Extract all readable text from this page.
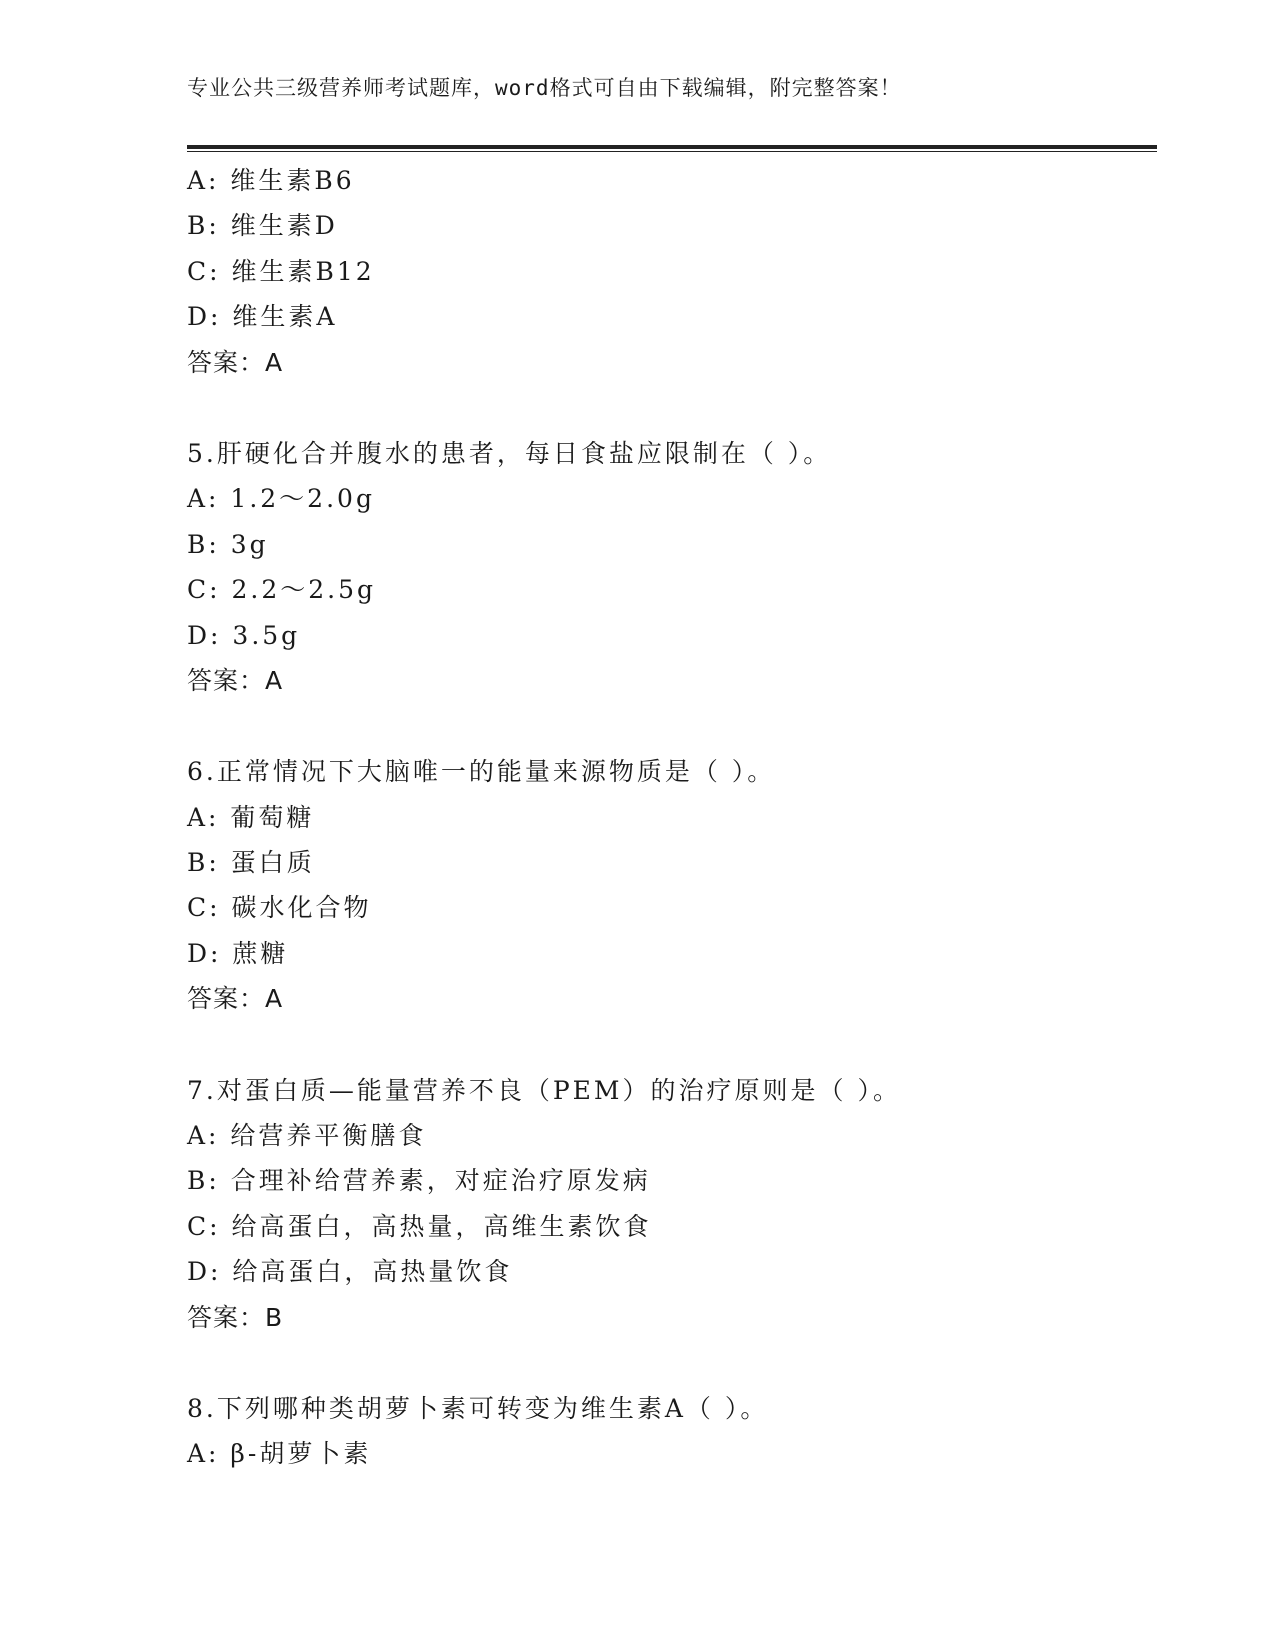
专业公共三级营养师考试题库，word格式可自由下载编辑，附完整答案！
A: 维生素B6
B: 维生素D
C: 维生素B12
D: 维生素A
答案：A
5.肝硬化合并腹水的患者，每日食盐应限制在（ ）。
A: 1.2～2.0g
B: 3g
C: 2.2～2.5g
D: 3.5g
答案：A
6.正常情况下大脑唯一的能量来源物质是（ ）。
A: 葡萄糖
B: 蛋白质
C: 碳水化合物
D: 蔗糖
答案：A
7.对蛋白质—能量营养不良（PEM）的治疗原则是（ ）。
A: 给营养平衡膳食
B: 合理补给营养素，对症治疗原发病
C: 给高蛋白，高热量，高维生素饮食
D: 给高蛋白，高热量饮食
答案：B
8.下列哪种类胡萝卜素可转变为维生素A（ ）。
A: β-胡萝卜素
